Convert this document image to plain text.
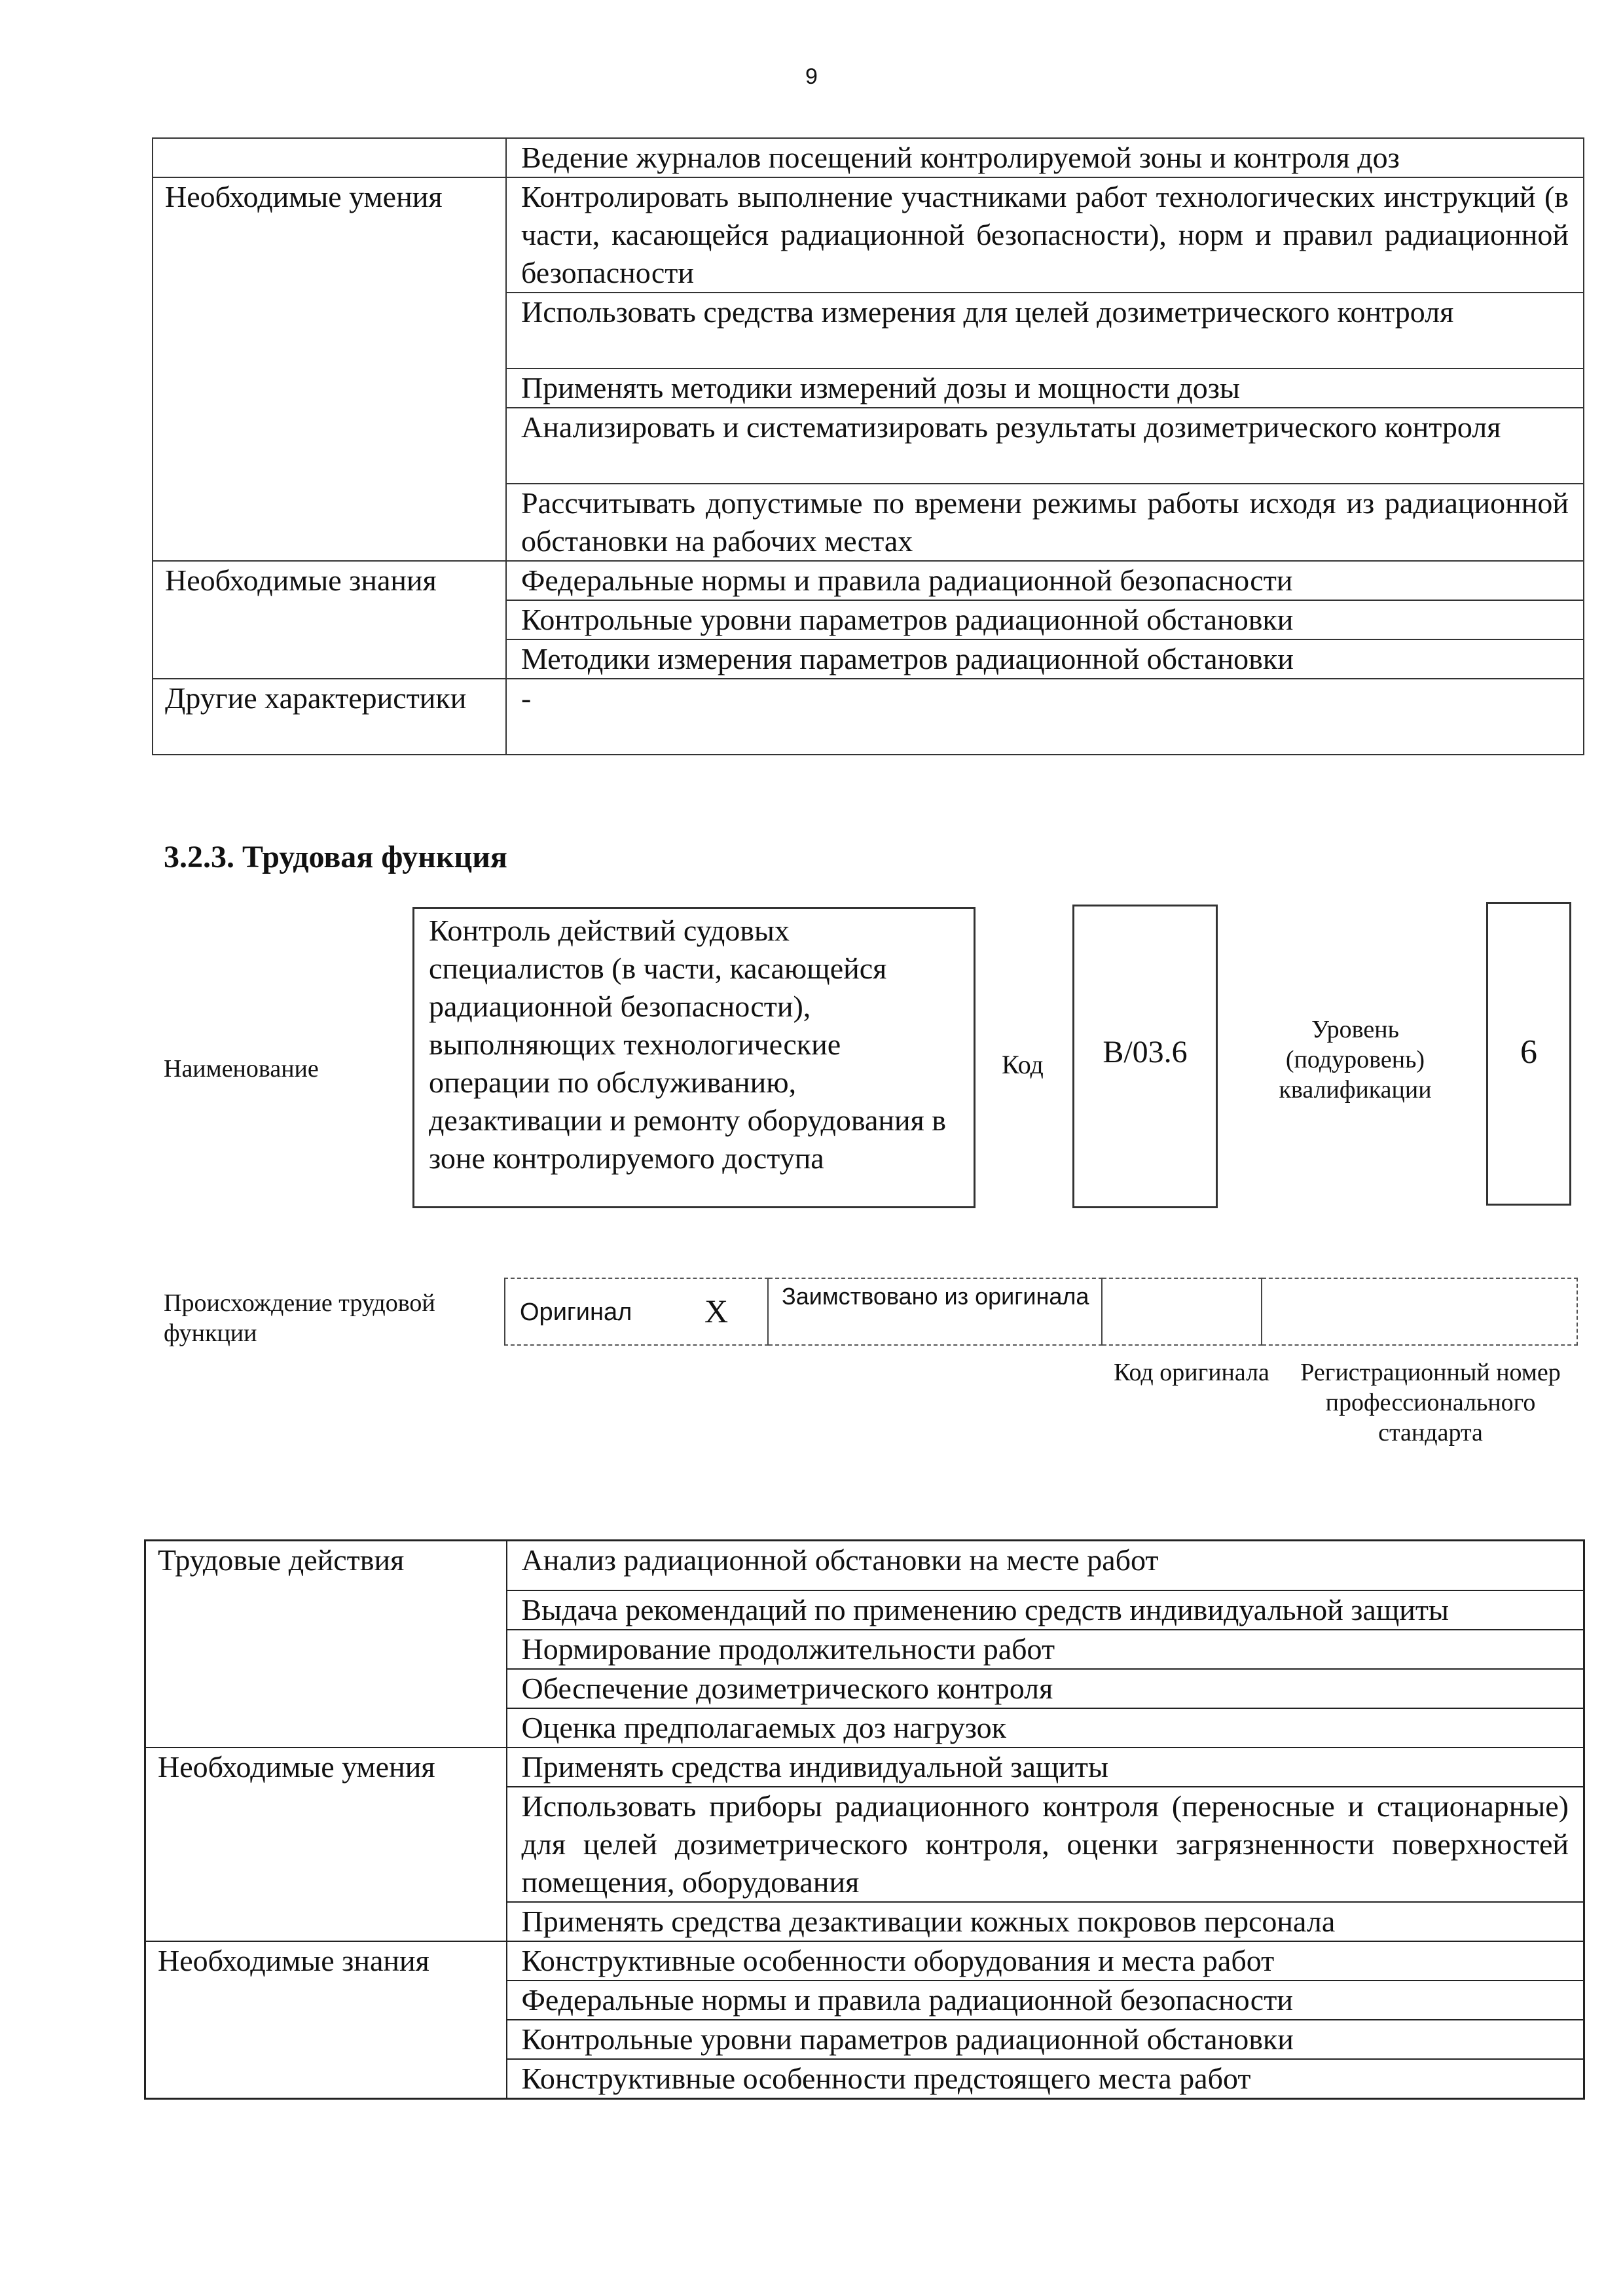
9
	Ведение журналов посещений контролируемой зоны и контроля доз
Необходимые умения	Контролировать выполнение участниками работ технологических инструкций (в части, касающейся радиационной безопасности), норм и правил радиационной безопасности
	Использовать средства измерения для целей дозиметрического контроля
	Применять методики измерений дозы и мощности дозы
	Анализировать и систематизировать результаты дозиметрического контроля
	Рассчитывать допустимые по времени режимы работы исходя из радиационной обстановки на рабочих местах
Необходимые знания	Федеральные нормы и правила радиационной безопасности
	Контрольные уровни параметров радиационной обстановки
	Методики измерения параметров радиационной обстановки
Другие характеристики	-
3.2.3. Трудовая функция
Наименование
Контроль действий судовых специалистов (в части, касающейся радиационной безопасности), выполняющих технологические операции по обслуживанию, дезактивации и ремонту оборудования в зоне контролируемого доступа
Код	B/03.6
Уровень (подуровень) квалификации
6
Происхождение трудовой функции
Оригинал X Заимствовано из оригинала
Код оригинала Регистрационный номер профессионального стандарта
Трудовые действия	Анализ радиационной обстановки на месте работ
	Выдача рекомендаций по применению средств индивидуальной защиты
	Нормирование продолжительности работ
	Обеспечение дозиметрического контроля
	Оценка предполагаемых доз нагрузок
Необходимые умения	Применять средства индивидуальной защиты
	Использовать приборы радиационного контроля (переносные и стационарные) для целей дозиметрического контроля, оценки загрязненности поверхностей помещения, оборудования
	Применять средства дезактивации кожных покровов персонала
Необходимые знания	Конструктивные особенности оборудования и места работ
	Федеральные нормы и правила радиационной безопасности
	Контрольные уровни параметров радиационной обстановки
	Конструктивные особенности предстоящего места работ
